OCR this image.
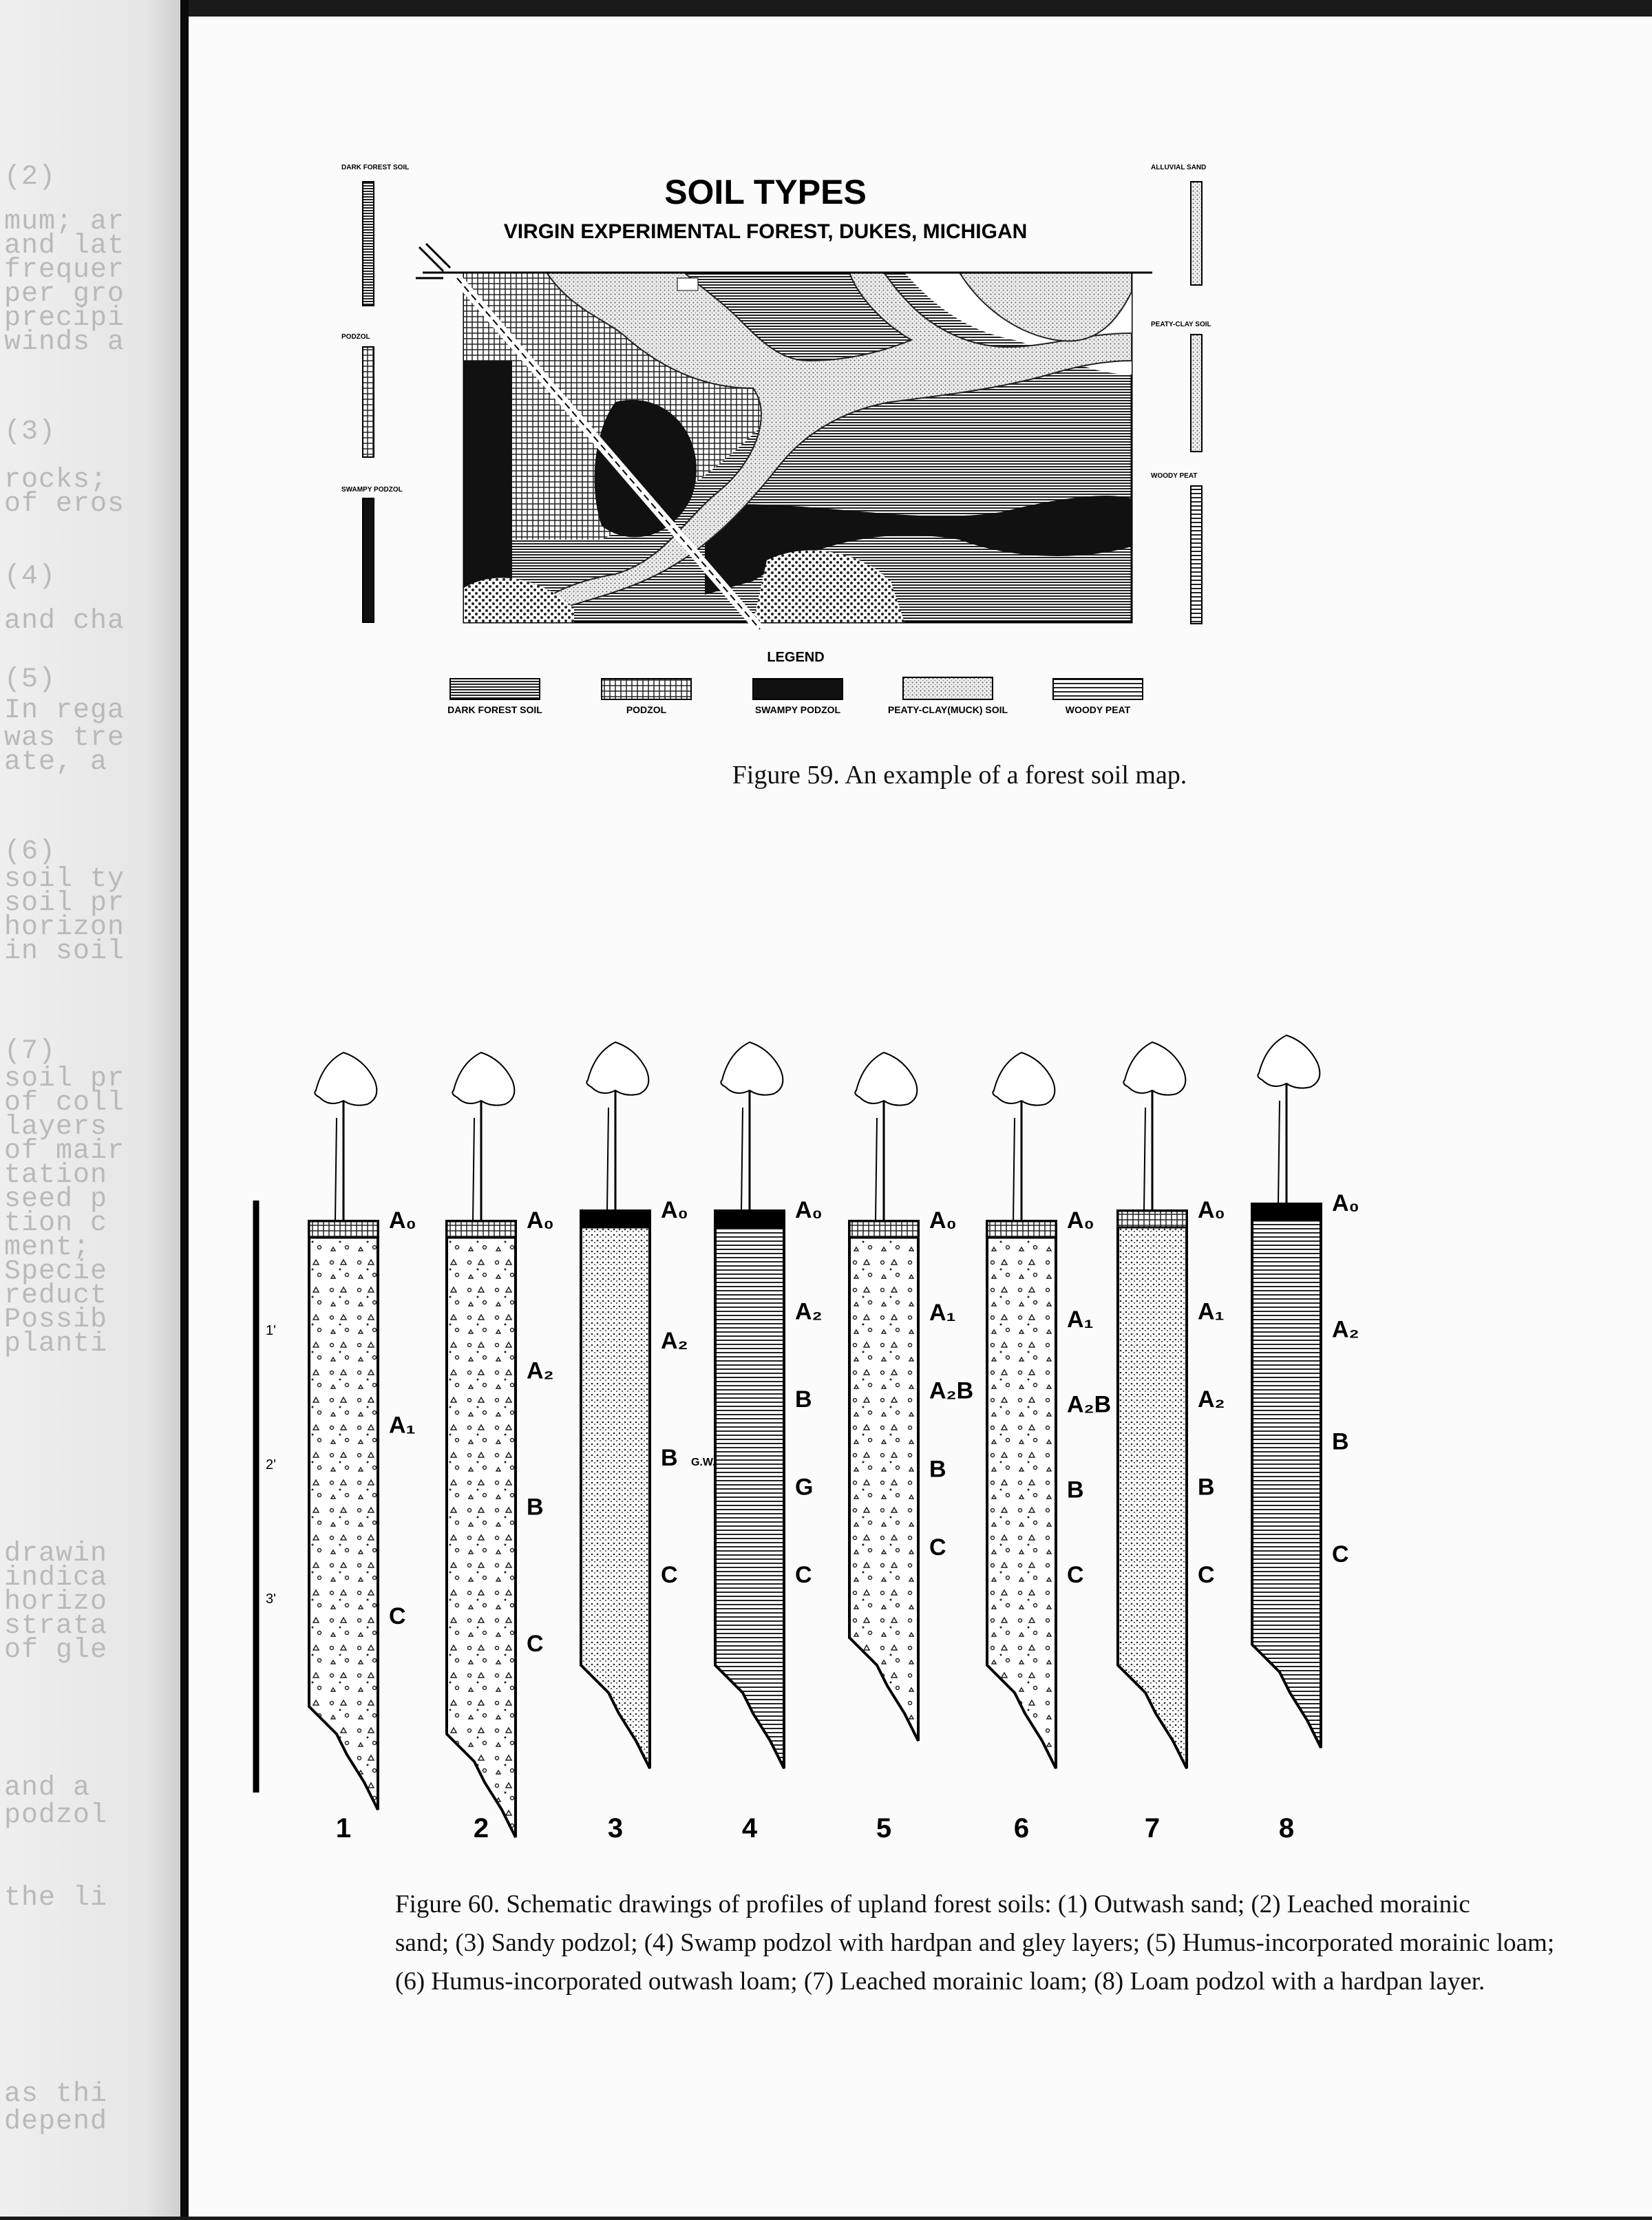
(2)
mum; ar
and lat
frequer
per gro
precipi
winds a
(3)
rocks;
of eros
(4)
and cha
(5)
In rega
was tre
ate, a
(6)
soil ty
soil pr
horizon
in soil
(7)
soil pr
of coll
layers
of mair
tation
seed p
tion c
ment;
Specie
reduct
Possib
planti
drawin
indica
horizo
strata
of gle
and a
podzol
the li
as thi
depend
SOIL TYPES
VIRGIN EXPERIMENTAL FOREST, DUKES, MICHIGAN
DARK FOREST SOIL
PODZOL
SWAMPY PODZOL
ALLUVIAL SAND
PEATY-CLAY SOIL
WOODY PEAT
LEGEND
DARK FOREST SOIL	PODZOL	SWAMPY PODZOL	PEATY-CLAY(MUCK) SOIL	WOODY PEAT
1'
2'
3'
A₀
A₁
C
A₀
A₂
B
C
A₀
A₂
B
C
A₀
A₂
B
G
C
A₀
A₁
A₂B
B
C
A₀
A₁
A₂B
B
C
A₀
A₁
A₂
B
C
A₀
A₂
B
C
1	2	3	4	5	6	7	8
G.W.
Figure 59. An example of a forest soil map.
Figure 60. Schematic drawings of profiles of upland forest soils: (1) Outwash sand; (2) Leached morainic
sand; (3) Sandy podzol; (4) Swamp podzol with hardpan and gley layers; (5) Humus-incorporated morainic loam;
(6) Humus-incorporated outwash loam; (7) Leached morainic loam; (8) Loam podzol with a hardpan layer.
